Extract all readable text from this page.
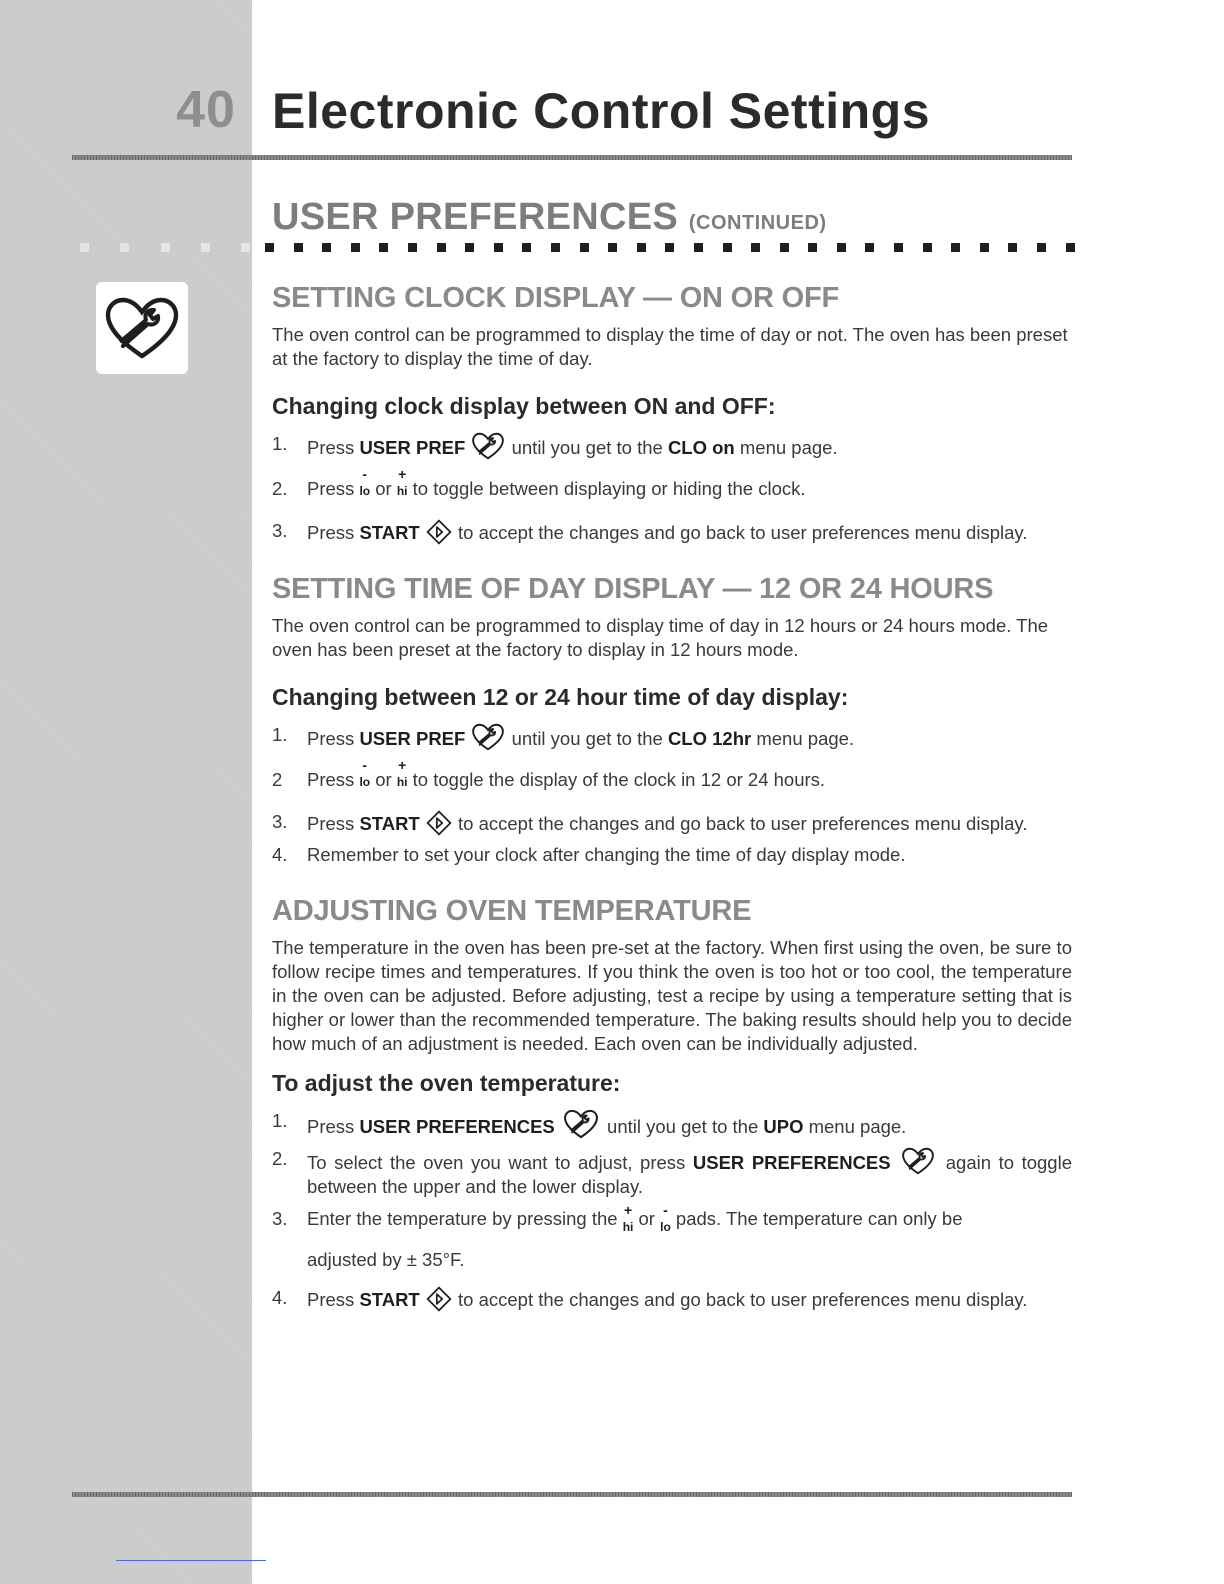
40 Electronic Control Settings
USER PREFERENCES (CONTINUED)
SETTING CLOCK DISPLAY — ON OR OFF

The oven control can be programmed to display the time of day or not. The oven has been preset at the factory to display the time of day.

Changing clock display between ON and OFF:
1. Press USER PREF  until you get to the CLO on menu page.
2. Press
-
lo or
+
hi to toggle between displaying or hiding the clock.
3. Press START  to accept the changes and go back to user preferences menu display.
SETTING TIME OF DAY DISPLAY — 12 OR 24 HOURS

The oven control can be programmed to display time of day in 12 hours or 24 hours mode. The oven has been preset at the factory to display in 12 hours mode.

Changing between 12 or 24 hour time of day display:
1. Press USER PREF  until you get to the CLO 12hr menu page.
2 Press
-
lo or
+
hi to toggle the display of the clock in 12 or 24 hours.
3. Press START  to accept the changes and go back to user preferences menu display.
4. Remember to set your clock after changing the time of day display mode.
ADJUSTING OVEN TEMPERATURE

The temperature in the oven has been pre-set at the factory. When first using the oven, be sure to follow recipe times and temperatures. If you think the oven is too hot or too cool, the temperature in the oven can be adjusted. Before adjusting, test a recipe by using a temperature setting that is higher or lower than the recommended temperature. The baking results should help you to decide how much of an adjustment is needed. Each oven can be individually adjusted.

To adjust the oven temperature:
1. Press USER PREFERENCES	until you get to the UPO menu page.
2. To select the oven you want to adjust, press USER PREFERENCES	again to toggle between the upper and the lower display.
3. Enter the temperature by pressing the +
hi or -
lo pads. The temperature can only be
adjusted by ± 35°F.
4. Press START  to accept the changes and go back to user preferences menu display.
